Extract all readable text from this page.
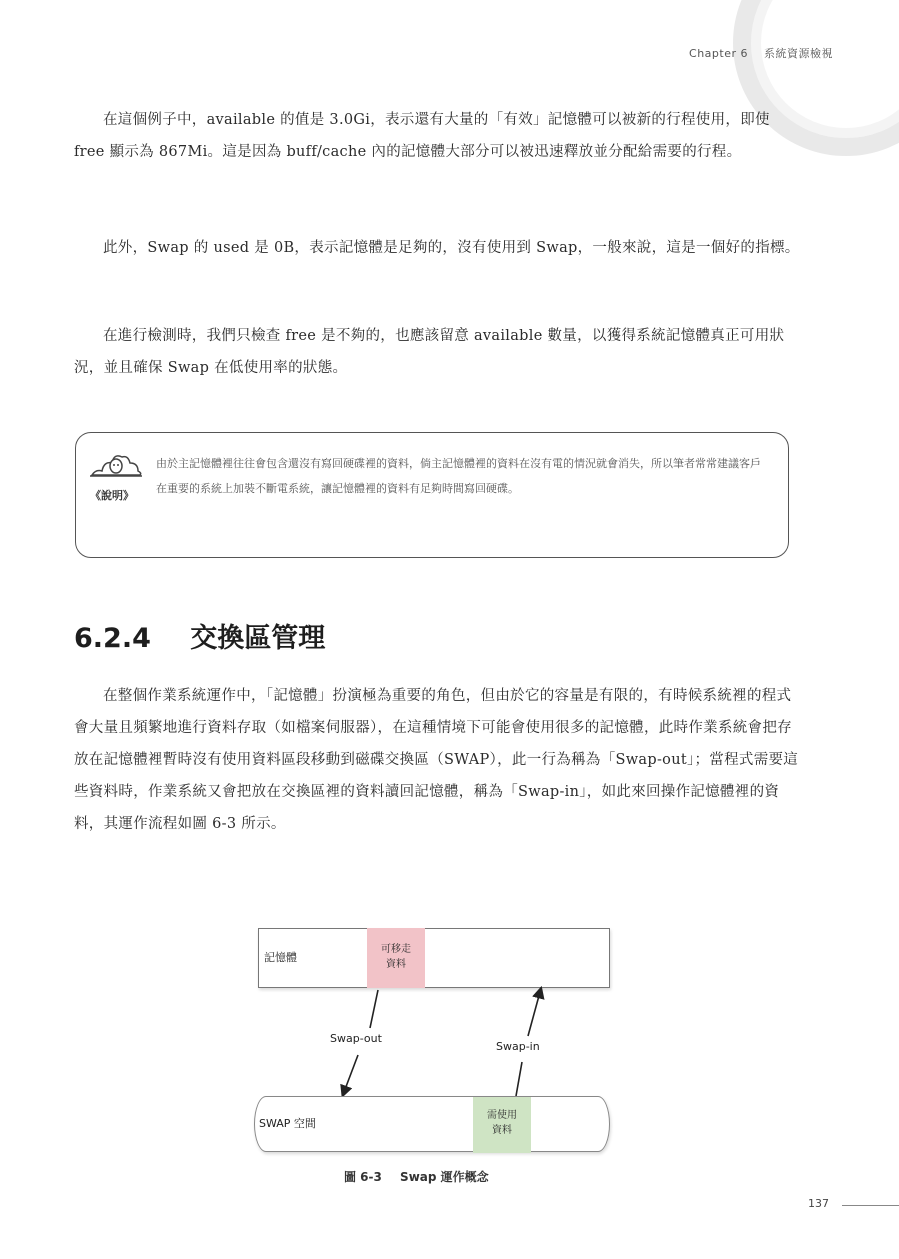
Chapter 6 系統資源檢視

在這個例子中，available 的值是 3.0Gi，表示還有大量的「有效」記憶體可以被新的行程使用，即使 free 顯示為 867Mi。這是因為 buff/cache 內的記憶體大部分可以被迅速釋放並分配給需要的行程。

此外，Swap 的 used 是 0B，表示記憶體是足夠的，沒有使用到 Swap，一般來說，這是一個好的指標。

在進行檢測時，我們只檢查 free 是不夠的，也應該留意 available 數量，以獲得系統記憶體真正可用狀況，並且確保 Swap 在低使用率的狀態。

《說明》

由於主記憶體裡往往會包含還沒有寫回硬碟裡的資料，倘主記憶體裡的資料在沒有電的情況就會消失，所以筆者常常建議客戶在重要的系統上加裝不斷電系統，讓記憶體裡的資料有足夠時間寫回硬碟。

6.2.4 交換區管理

在整個作業系統運作中，「記憶體」扮演極為重要的角色，但由於它的容量是有限的，有時候系統裡的程式會大量且頻繁地進行資料存取（如檔案伺服器），在這種情境下可能會使用很多的記憶體，此時作業系統會把存放在記憶體裡暫時沒有使用資料區段移動到磁碟交換區（SWAP），此一行為稱為「Swap-out」；當程式需要這些資料時，作業系統又會把放在交換區裡的資料讀回記憶體，稱為「Swap-in」，如此來回操作記憶體裡的資料，其運作流程如圖 6-3 所示。

記憶體
可移走
資料
Swap-out
Swap-in
SWAP 空間
需使用
資料

圖 6-3 Swap 運作概念

137
